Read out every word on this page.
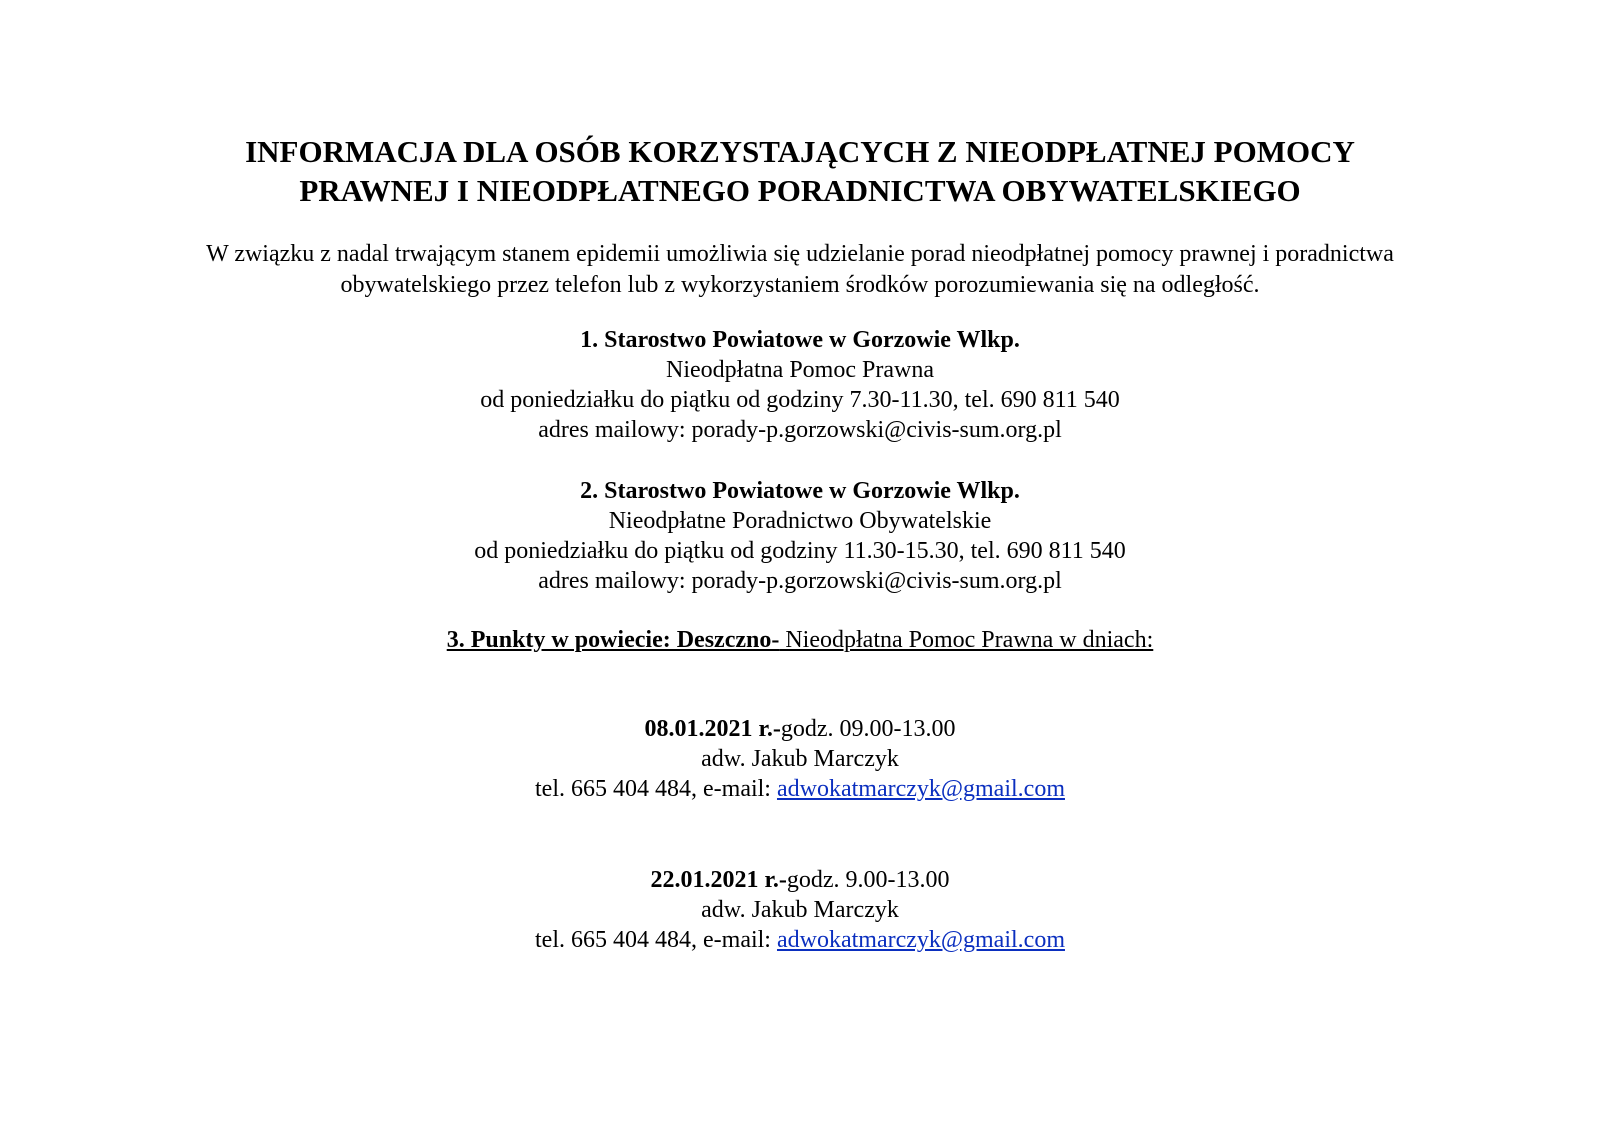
INFORMACJA DLA OSÓB KORZYSTAJĄCYCH Z NIEODPŁATNEJ POMOCY
PRAWNEJ I NIEODPŁATNEGO PORADNICTWA OBYWATELSKIEGO
W związku z nadal trwającym stanem epidemii umożliwia się udzielanie porad nieodpłatnej pomocy prawnej i poradnictwa
obywatelskiego przez telefon lub z wykorzystaniem środków porozumiewania się na odległość.
1. Starostwo Powiatowe w Gorzowie Wlkp.
Nieodpłatna Pomoc Prawna
od poniedziałku do piątku od godziny 7.30-11.30, tel. 690 811 540
adres mailowy: porady-p.gorzowski@civis-sum.org.pl
2. Starostwo Powiatowe w Gorzowie Wlkp.
Nieodpłatne Poradnictwo Obywatelskie
od poniedziałku do piątku od godziny 11.30-15.30, tel. 690 811 540
adres mailowy: porady-p.gorzowski@civis-sum.org.pl
3. Punkty w powiecie: Deszczno- Nieodpłatna Pomoc Prawna w dniach:
08.01.2021 r.-godz. 09.00-13.00
adw. Jakub Marczyk
tel. 665 404 484, e-mail: adwokatmarczyk@gmail.com
22.01.2021 r.-godz. 9.00-13.00
adw. Jakub Marczyk
tel. 665 404 484, e-mail: adwokatmarczyk@gmail.com
